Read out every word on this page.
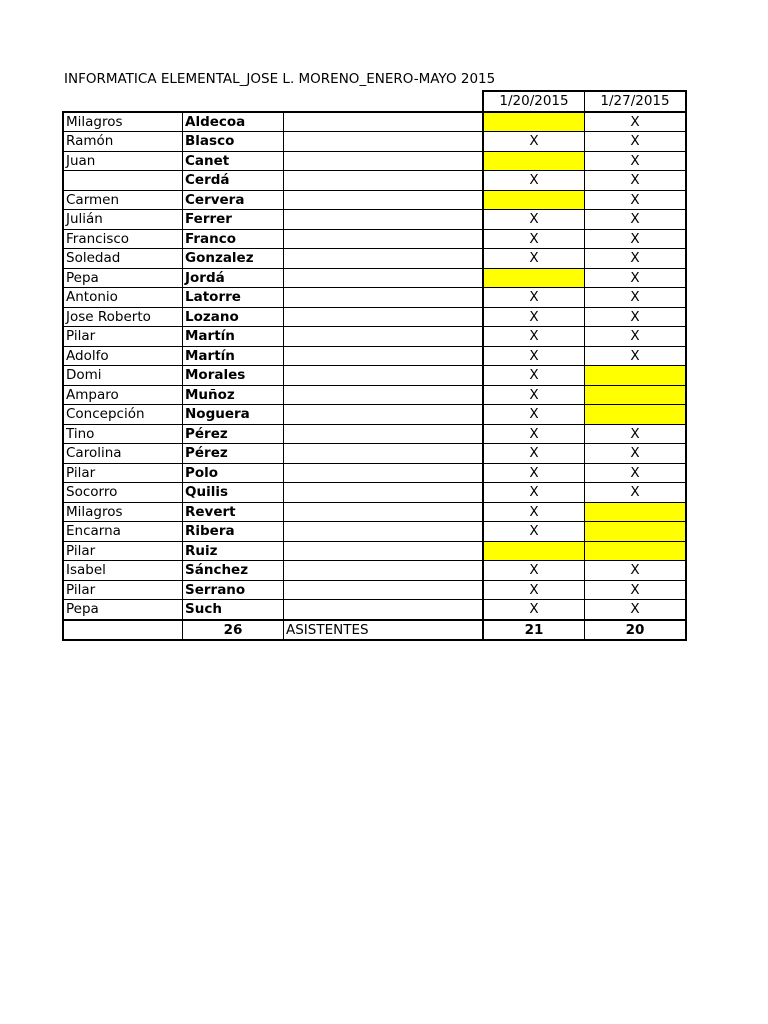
INFORMATICA ELEMENTAL_JOSE L. MORENO_ENERO-MAYO 2015
			1/20/2015	1/27/2015
Milagros	Aldecoa			X
Ramón	Blasco		X	X
Juan	Canet			X
	Cerdá		X	X
Carmen	Cervera			X
Julián	Ferrer		X	X
Francisco	Franco		X	X
Soledad	Gonzalez		X	X
Pepa	Jordá			X
Antonio	Latorre		X	X
Jose Roberto	Lozano		X	X
Pilar	Martín		X	X
Adolfo	Martín		X	X
Domi	Morales		X	
Amparo	Muñoz		X	
Concepción	Noguera		X	
Tino	Pérez		X	X
Carolina	Pérez		X	X
Pilar	Polo		X	X
Socorro	Quilis		X	X
Milagros	Revert		X	
Encarna	Ribera		X	
Pilar	Ruiz			
Isabel	Sánchez		X	X
Pilar	Serrano		X	X
Pepa	Such		X	X
	26	ASISTENTES	21	20
